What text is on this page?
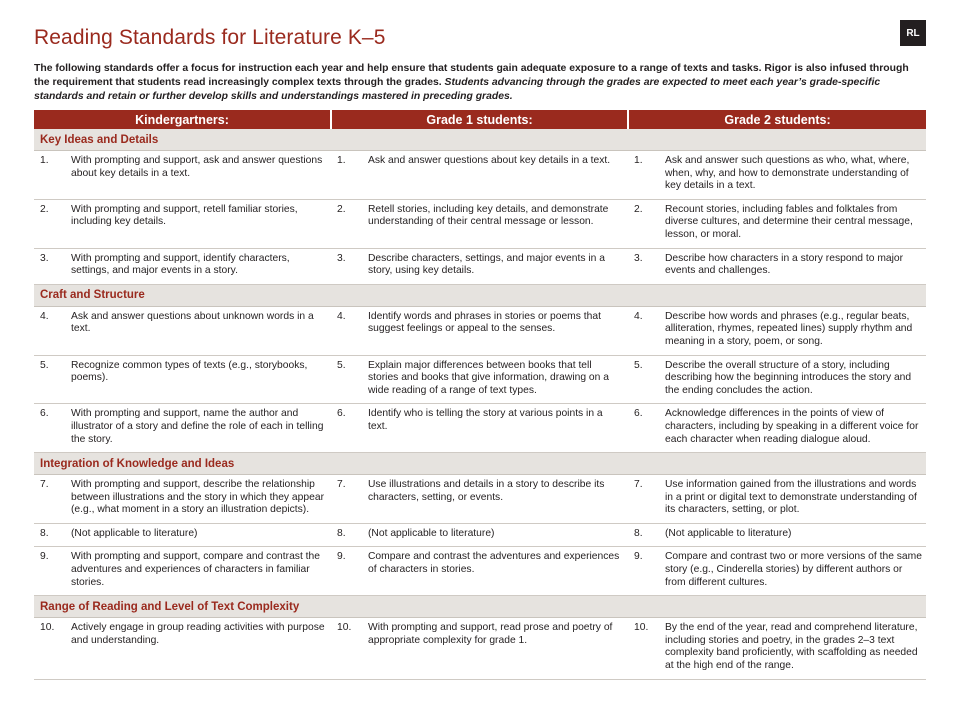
Reading Standards for Literature K–5	RL

The following standards offer a focus for instruction each year and help ensure that students gain adequate exposure to a range of texts and tasks. Rigor is also infused through the requirement that students read increasingly complex texts through the grades. Students advancing through the grades are expected to meet each year’s grade-specific standards and retain or further develop skills and understandings mastered in preceding grades.

Kindergartners:		Grade 1 students:		Grade 2 students:	
Key Ideas and Details					
1.	With prompting and support, ask and answer questions about key details in a text.	1.	Ask and answer questions about key details in a text.	1.	Ask and answer such questions as who, what, where, when, why, and how to demonstrate understanding of key details in a text.
2.	With prompting and support, retell familiar stories, including key details.	2.	Retell stories, including key details, and demonstrate understanding of their central message or lesson.	2.	Recount stories, including fables and folktales from diverse cultures, and determine their central message, lesson, or moral.
3.	With prompting and support, identify characters, settings, and major events in a story.	3.	Describe characters, settings, and major events in a story, using key details.	3.	Describe how characters in a story respond to major events and challenges.
Craft and Structure					
4.	Ask and answer questions about unknown words in a text.	4.	Identify words and phrases in stories or poems that suggest feelings or appeal to the senses.	4.	Describe how words and phrases (e.g., regular beats, alliteration, rhymes, repeated lines) supply rhythm and meaning in a story, poem, or song.
5.	Recognize common types of texts (e.g., storybooks, poems).	5.	Explain major differences between books that tell stories and books that give information, drawing on a wide reading of a range of text types.	5.	Describe the overall structure of a story, including describing how the beginning introduces the story and the ending concludes the action.
6.	With prompting and support, name the author and illustrator of a story and define the role of each in telling the story.	6.	Identify who is telling the story at various points in a text.	6.	Acknowledge differences in the points of view of characters, including by speaking in a different voice for each character when reading dialogue aloud.
Integration of Knowledge and Ideas					
7.	With prompting and support, describe the relationship between illustrations and the story in which they appear (e.g., what moment in a story an illustration depicts).	7.	Use illustrations and details in a story to describe its characters, setting, or events.	7.	Use information gained from the illustrations and words in a print or digital text to demonstrate understanding of its characters, setting, or plot.
8.	(Not applicable to literature)	8.	(Not applicable to literature)	8.	(Not applicable to literature)
9.	With prompting and support, compare and contrast the adventures and experiences of characters in familiar stories.	9.	Compare and contrast the adventures and experiences of characters in stories.	9.	Compare and contrast two or more versions of the same story (e.g., Cinderella stories) by different authors or from different cultures.
Range of Reading and Level of Text Complexity					
10.	Actively engage in group reading activities with purpose and understanding.	10.	With prompting and support, read prose and poetry of appropriate complexity for grade 1.	10.	By the end of the year, read and comprehend literature, including stories and poetry, in the grades 2–3 text complexity band proficiently, with scaffolding as needed at the high end of the range.
